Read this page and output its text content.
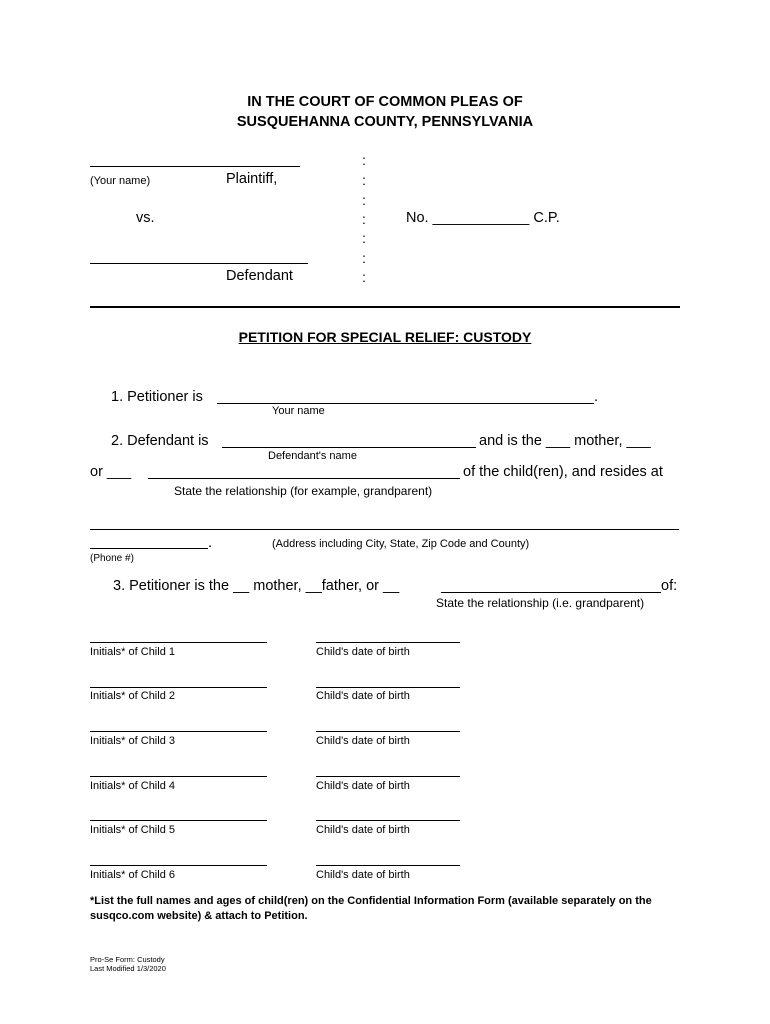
IN THE COURT OF COMMON PLEAS OF
SUSQUEHANNA COUNTY, PENNSYLVANIA
(Your name)	Plaintiff,
vs.
Defendant
No. ____________ C.P.
:
:
:
:
:
:
:
PETITION FOR SPECIAL RELIEF: CUSTODY
1. Petitioner is	.
Your name
2. Defendant is	and is the ___ mother, ___
Defendant's name
or ___	of the child(ren), and resides at
State the relationship (for example, grandparent)
.	(Address including City, State, Zip Code and County)
(Phone #)
3. Petitioner is the __ mother, __father, or __	of:
State the relationship (i.e. grandparent)
Initials* of Child 1	Child's date of birth
Initials* of Child 2	Child's date of birth
Initials* of Child 3	Child's date of birth
Initials* of Child 4	Child's date of birth
Initials* of Child 5	Child's date of birth
Initials* of Child 6	Child's date of birth
*List the full names and ages of child(ren) on the Confidential Information Form (available separately on the susqco.com website) & attach to Petition.
Pro-Se Form: Custody
Last Modified 1/3/2020
